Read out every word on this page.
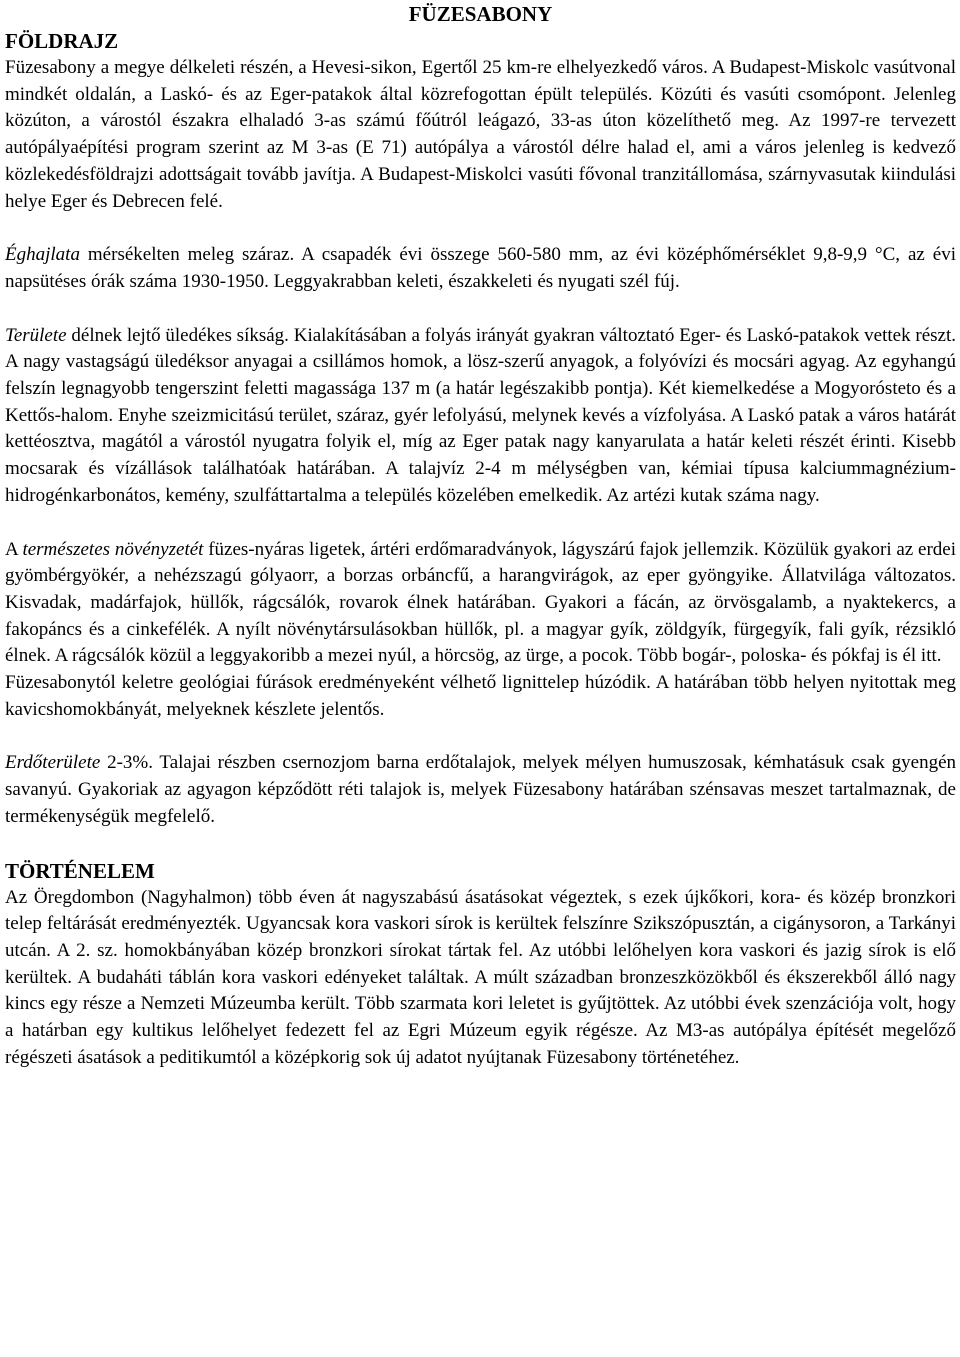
FÜZESABONY
FÖLDRAJZ

Füzesabony a megye délkeleti részén, a Hevesi-sikon, Egertől 25 km-re elhelyezkedő város. A Budapest-Miskolc vasútvonal mindkét oldalán, a Laskó- és az Eger-patakok által közrefogottan épült település. Közúti és vasúti csomópont. Jelenleg közúton, a várostól északra elhaladó 3-as számú főútról leágazó, 33-as úton közelíthető meg. Az 1997-re tervezett autópályaépítési program szerint az M 3-as (E 71) autópálya a várostól délre halad el, ami a város jelenleg is kedvező közlekedésföldrajzi adottságait tovább javítja. A Budapest-Miskolci vasúti fővonal tranzitállomása, szárnyvasutak kiindulási helye Eger és Debrecen felé.

Éghajlata mérsékelten meleg száraz. A csapadék évi összege 560-580 mm, az évi középhőmérséklet 9,8-9,9 °C, az évi napsütéses órák száma 1930-1950. Leggyakrabban keleti, északkeleti és nyugati szél fúj.

Területe délnek lejtő üledékes síkság. Kialakításában a folyás irányát gyakran változtató Eger- és Laskó-patakok vettek részt. A nagy vastagságú üledéksor anyagai a csillámos homok, a lösz-szerű anyagok, a folyóvízi és mocsári agyag. Az egyhangú felszín legnagyobb tengerszint feletti magassága 137 m (a határ legészakibb pontja). Két kiemelkedése a Mogyorósteto és a Kettős-halom. Enyhe szeizmicitású terület, száraz, gyér lefolyású, melynek kevés a vízfolyása. A Laskó patak a város határát kettéosztva, magától a várostól nyugatra folyik el, míg az Eger patak nagy kanyarulata a határ keleti részét érinti. Kisebb mocsarak és vízállások találhatóak határában. A talajvíz 2-4 m mélységben van, kémiai típusa kalciummagnézium-hidrogénkarbonátos, kemény, szulfáttartalma a település közelében emelkedik. Az artézi kutak száma nagy.

A természetes növényzetét füzes-nyáras ligetek, ártéri erdőmaradványok, lágyszárú fajok jellemzik. Közülük gyakori az erdei gyömbérgyökér, a nehézszagú gólyaorr, a borzas orbáncfű, a harangvirágok, az eper gyöngyike. Állatvilága változatos. Kisvadak, madárfajok, hüllők, rágcsálók, rovarok élnek határában. Gyakori a fácán, az örvösgalamb, a nyaktekercs, a fakopáncs és a cinkefélék. A nyílt növénytársulásokban hüllők, pl. a magyar gyík, zöldgyík, fürgegyík, fali gyík, rézsikló élnek. A rágcsálók közül a leggyakoribb a mezei nyúl, a hörcsög, az ürge, a pocok. Több bogár-, poloska- és pókfaj is él itt.

Füzesabonytól keletre geológiai fúrások eredményeként vélhető lignittelep húzódik. A határában több helyen nyitottak meg kavicshomokbányát, melyeknek készlete jelentős.

Erdőterülete 2-3%. Talajai részben csernozjom barna erdőtalajok, melyek mélyen humuszosak, kémhatásuk csak gyengén savanyú. Gyakoriak az agyagon képződött réti talajok is, melyek Füzesabony határában szénsavas meszet tartalmaznak, de termékenységük megfelelő.

TÖRTÉNELEM

Az Öregdombon (Nagyhalmon) több éven át nagyszabású ásatásokat végeztek, s ezek újkőkori, kora- és közép bronzkori telep feltárását eredményezték. Ugyancsak kora vaskori sírok is kerültek felszínre Szikszópusztán, a cigánysoron, a Tarkányi utcán. A 2. sz. homokbányában közép bronzkori sírokat tártak fel. Az utóbbi lelőhelyen kora vaskori és jazig sírok is elő kerültek. A budaháti táblán kora vaskori edényeket találtak. A múlt században bronzeszközökből és ékszerekből álló nagy kincs egy része a Nemzeti Múzeumba került. Több szarmata kori leletet is gyűjtöttek. Az utóbbi évek szenzációja volt, hogy a határban egy kultikus lelőhelyet fedezett fel az Egri Múzeum egyik régésze. Az M3-as autópálya építését megelőző régészeti ásatások a peditikumtól a középkorig sok új adatot nyújtanak Füzesabony történetéhez.
